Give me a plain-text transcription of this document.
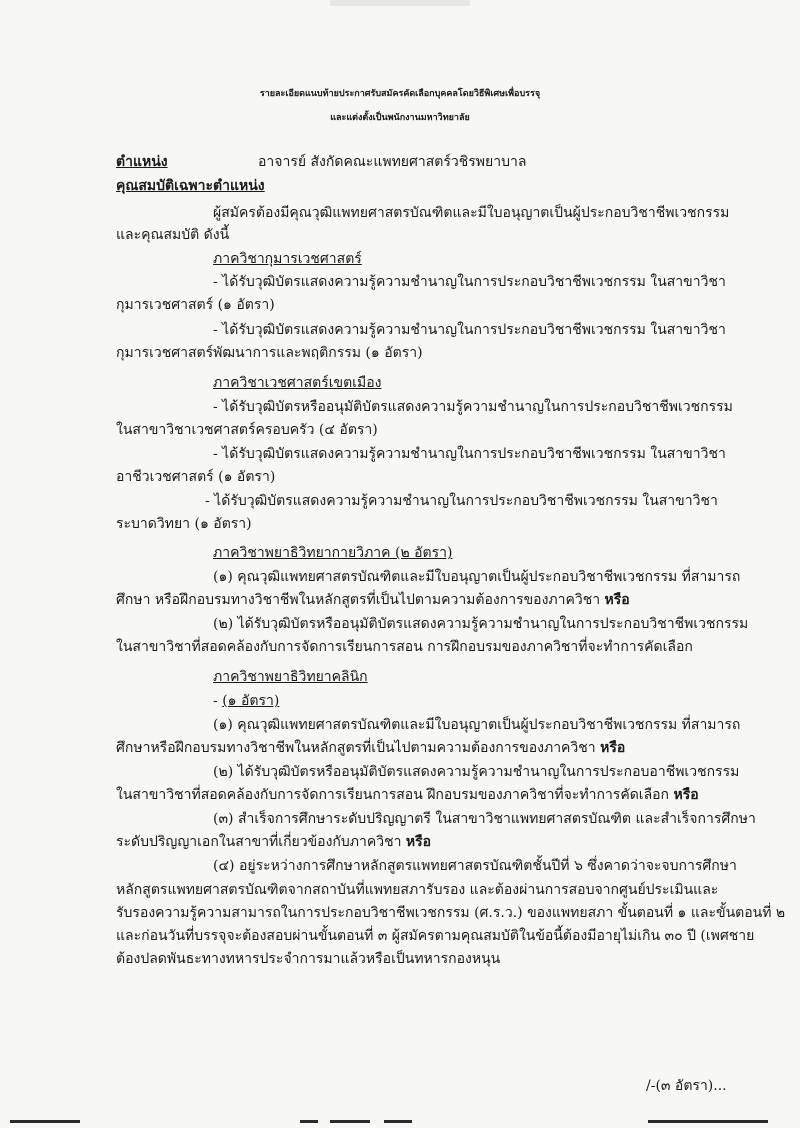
รายละเอียดแนบท้ายประกาศรับสมัครคัดเลือกบุคคลโดยวิธีพิเศษเพื่อบรรจุ
และแต่งตั้งเป็นพนักงานมหาวิทยาลัย
ตำแหน่ง	อาจารย์ สังกัดคณะแพทยศาสตร์วชิรพยาบาล
คุณสมบัติเฉพาะตำแหน่ง
ผู้สมัครต้องมีคุณวุฒิแพทยศาสตรบัณฑิตและมีใบอนุญาตเป็นผู้ประกอบวิชาชีพเวชกรรม
และคุณสมบัติ ดังนี้
ภาควิชากุมารเวชศาสตร์
- ได้รับวุฒิบัตรแสดงความรู้ความชำนาญในการประกอบวิชาชีพเวชกรรม ในสาขาวิชา
กุมารเวชศาสตร์ (๑ อัตรา)
- ได้รับวุฒิบัตรแสดงความรู้ความชำนาญในการประกอบวิชาชีพเวชกรรม ในสาขาวิชา
กุมารเวชศาสตร์พัฒนาการและพฤติกรรม (๑ อัตรา)
ภาควิชาเวชศาสตร์เขตเมือง
- ได้รับวุฒิบัตรหรืออนุมัติบัตรแสดงความรู้ความชำนาญในการประกอบวิชาชีพเวชกรรม
ในสาขาวิชาเวชศาสตร์ครอบครัว (๔ อัตรา)
- ได้รับวุฒิบัตรแสดงความรู้ความชำนาญในการประกอบวิชาชีพเวชกรรม ในสาขาวิชา
อาชีวเวชศาสตร์ (๑ อัตรา)
- ได้รับวุฒิบัตรแสดงความรู้ความชำนาญในการประกอบวิชาชีพเวชกรรม ในสาขาวิชา
ระบาดวิทยา (๑ อัตรา)
ภาควิชาพยาธิวิทยากายวิภาค (๒ อัตรา)
(๑) คุณวุฒิแพทยศาสตรบัณฑิตและมีใบอนุญาตเป็นผู้ประกอบวิชาชีพเวชกรรม ที่สามารถ
ศึกษา หรือฝึกอบรมทางวิชาชีพในหลักสูตรที่เป็นไปตามความต้องการของภาควิชา หรือ
(๒) ได้รับวุฒิบัตรหรืออนุมัติบัตรแสดงความรู้ความชำนาญในการประกอบวิชาชีพเวชกรรม
ในสาขาวิชาที่สอดคล้องกับการจัดการเรียนการสอน การฝึกอบรมของภาควิชาที่จะทำการคัดเลือก
ภาควิชาพยาธิวิทยาคลินิก
- (๑ อัตรา)
(๑) คุณวุฒิแพทยศาสตรบัณฑิตและมีใบอนุญาตเป็นผู้ประกอบวิชาชีพเวชกรรม ที่สามารถ
ศึกษาหรือฝึกอบรมทางวิชาชีพในหลักสูตรที่เป็นไปตามความต้องการของภาควิชา หรือ
(๒) ได้รับวุฒิบัตรหรืออนุมัติบัตรแสดงความรู้ความชำนาญในการประกอบอาชีพเวชกรรม
ในสาขาวิชาที่สอดคล้องกับการจัดการเรียนการสอน ฝึกอบรมของภาควิชาที่จะทำการคัดเลือก หรือ
(๓) สำเร็จการศึกษาระดับปริญญาตรี ในสาขาวิชาแพทยศาสตรบัณฑิต และสำเร็จการศึกษา
ระดับปริญญาเอกในสาขาที่เกี่ยวข้องกับภาควิชา หรือ
(๔) อยู่ระหว่างการศึกษาหลักสูตรแพทยศาสตรบัณฑิตชั้นปีที่ ๖ ซึ่งคาดว่าจะจบการศึกษา
หลักสูตรแพทยศาสตรบัณฑิตจากสถาบันที่แพทยสภารับรอง และต้องผ่านการสอบจากศูนย์ประเมินและ
รับรองความรู้ความสามารถในการประกอบวิชาชีพเวชกรรม (ศ.ร.ว.) ของแพทยสภา ขั้นตอนที่ ๑ และขั้นตอนที่ ๒
และก่อนวันที่บรรจุจะต้องสอบผ่านขั้นตอนที่ ๓ ผู้สมัครตามคุณสมบัติในข้อนี้ต้องมีอายุไม่เกิน ๓๐ ปี (เพศชาย
ต้องปลดพันธะทางทหารประจำการมาแล้วหรือเป็นทหารกองหนุน
/-(๓ อัตรา)...
